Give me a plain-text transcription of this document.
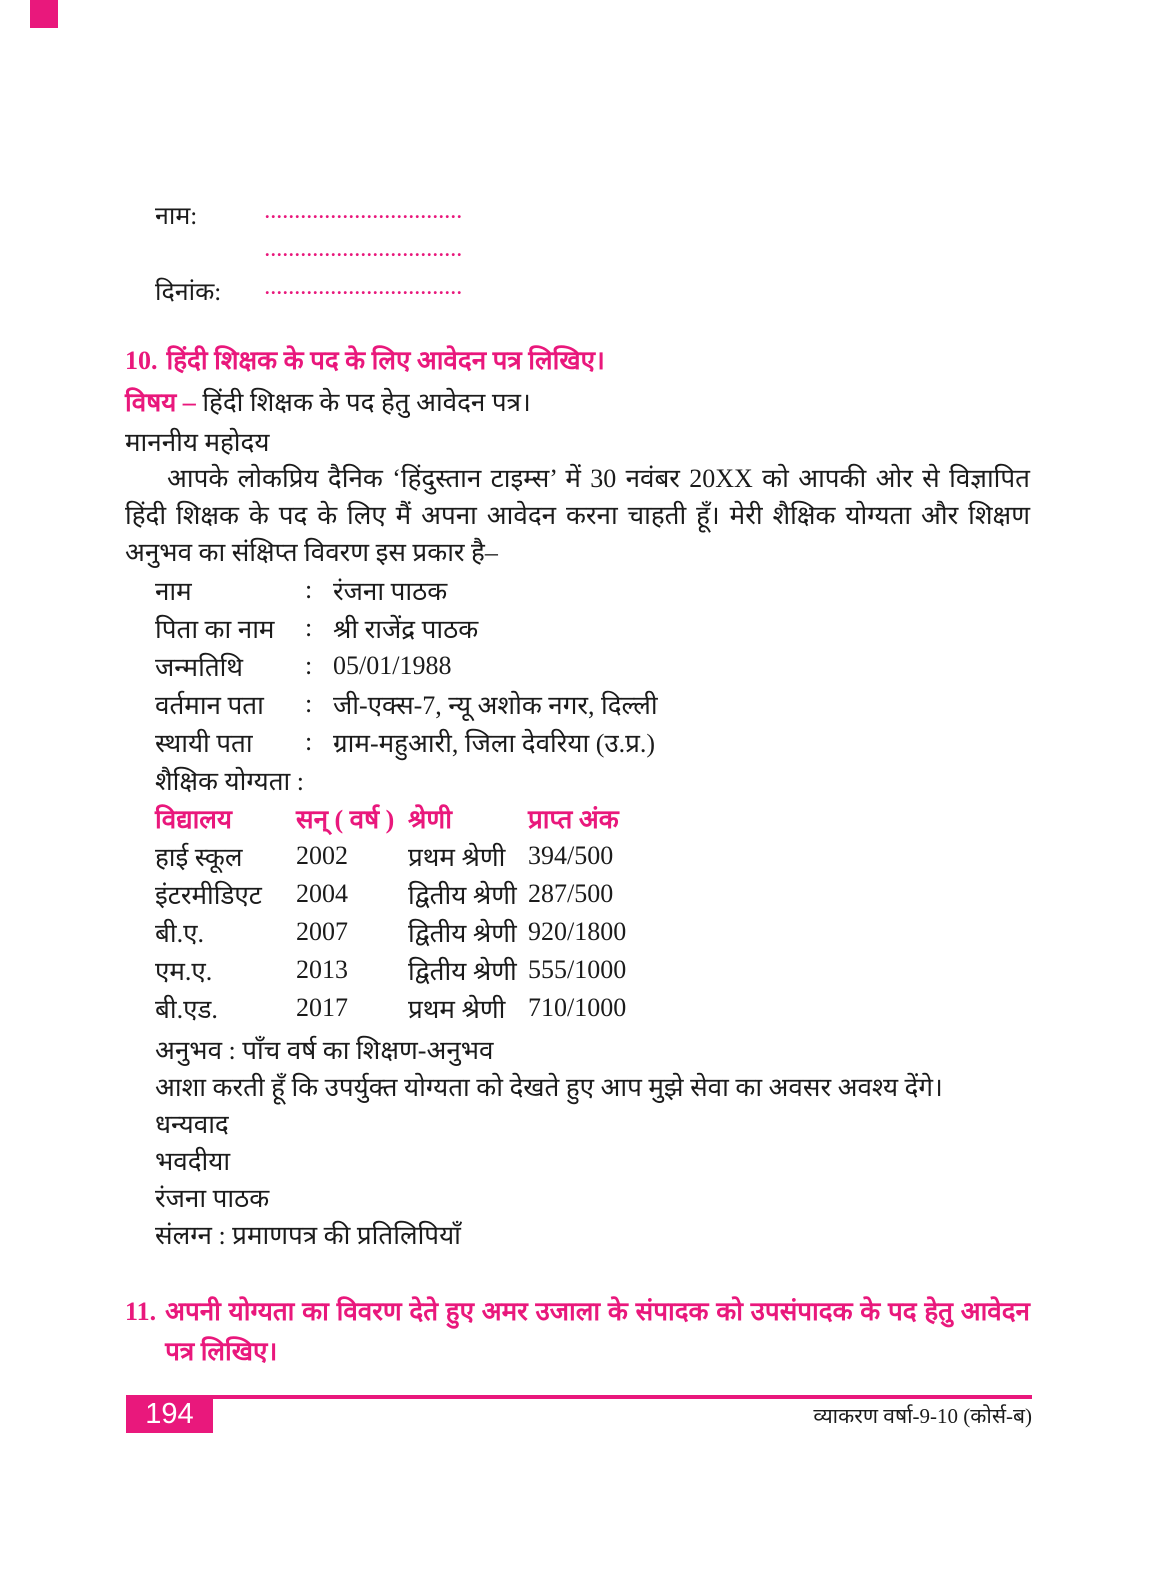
नाम:	.................................
.................................
दिनांक:	.................................
10. हिंदी शिक्षक के पद के लिए आवेदन पत्र लिखिए।
विषय – हिंदी शिक्षक के पद हेतु आवेदन पत्र।
माननीय महोदय
आपके लोकप्रिय दैनिक ‘हिंदुस्तान टाइम्स’ में 30 नवंबर 20XX को आपकी ओर से विज्ञापित हिंदी शिक्षक के पद के लिए मैं अपना आवेदन करना चाहती हूँ। मेरी शैक्षिक योग्यता और शिक्षण अनुभव का संक्षिप्त विवरण इस प्रकार है–
नाम	: रंजना पाठक
पिता का नाम	: श्री राजेंद्र पाठक
जन्मतिथि	: 05/01/1988
वर्तमान पता	: जी-एक्स-7, न्यू अशोक नगर, दिल्ली
स्थायी पता	: ग्राम-महुआरी, जिला देवरिया (उ.प्र.)
शैक्षिक योग्यता :
विद्यालय	सन् ( वर्ष ) श्रेणी	प्राप्त अंक
हाई स्कूल	2002	प्रथम श्रेणी 394/500
इंटरमीडिएट	2004	द्वितीय श्रेणी 287/500
बी.ए.	2007	द्वितीय श्रेणी 920/1800
एम.ए.	2013	द्वितीय श्रेणी 555/1000
बी.एड.	2017	प्रथम श्रेणी 710/1000
अनुभव : पाँच वर्ष का शिक्षण-अनुभव
आशा करती हूँ कि उपर्युक्त योग्यता को देखते हुए आप मुझे सेवा का अवसर अवश्य देंगे।
धन्यवाद
भवदीया
रंजना पाठक
संलग्न : प्रमाणपत्र की प्रतिलिपियाँ
11. अपनी योग्यता का विवरण देते हुए अमर उजाला के संपादक को उपसंपादक के पद हेतु आवेदन पत्र लिखिए।
194	व्याकरण वर्षा-9-10 (कोर्स-ब)
